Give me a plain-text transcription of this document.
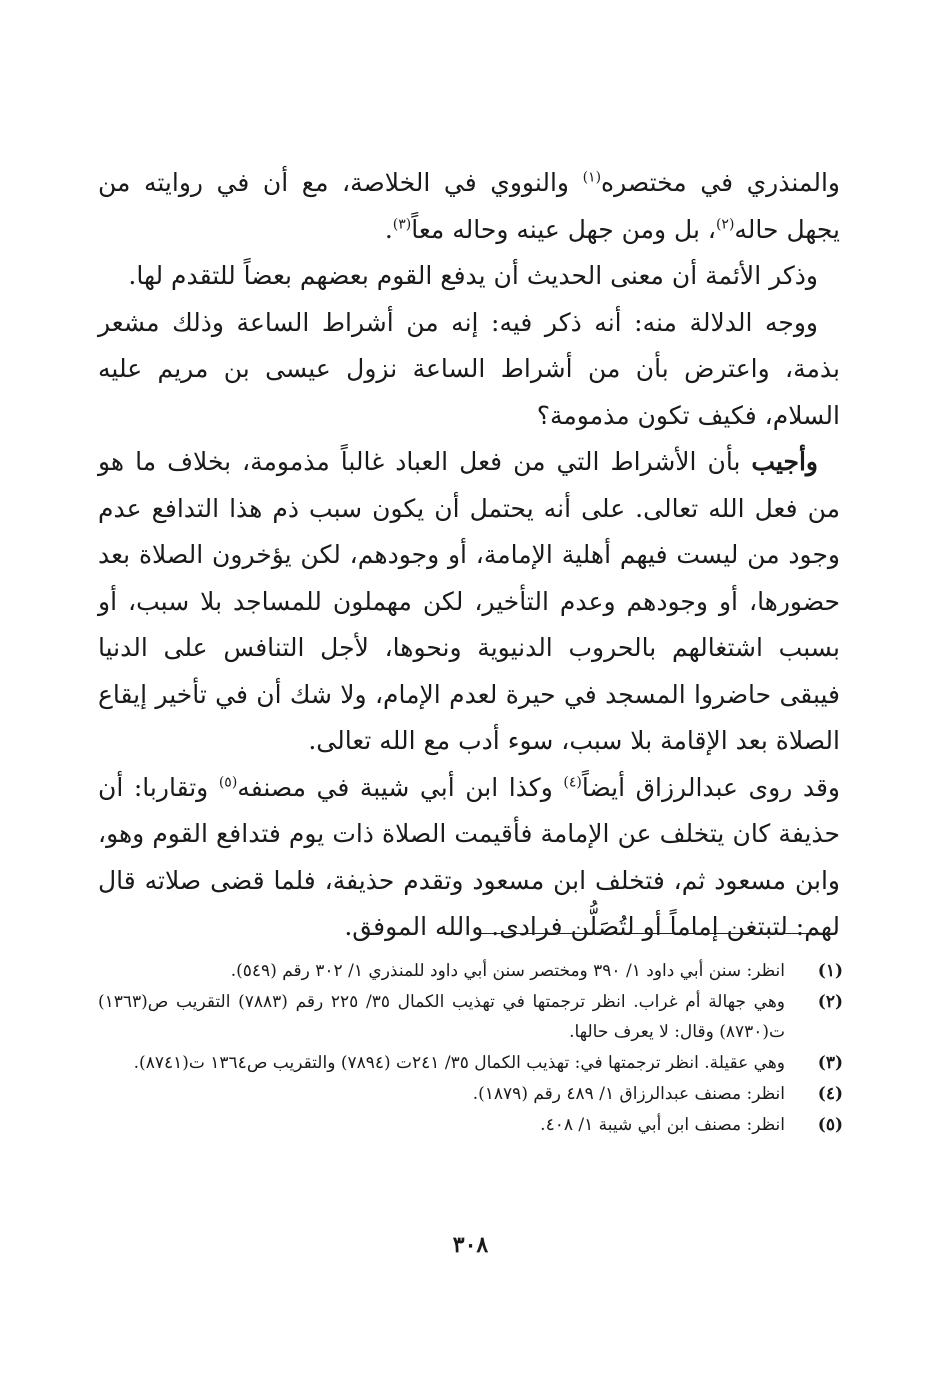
والمنذري في مختصره$^{(١)}$ والنووي في الخلاصة، مع أن في روايته من يجهل حاله$^{(٢)}$، بل ومن جهل عينه وحاله معاً$^{(٣)}$.

وذكر الأئمة أن معنى الحديث أن يدفع القوم بعضهم بعضاً للتقدم لها.

ووجه الدلالة منه: أنه ذكر فيه: إنه من أشراط الساعة وذلك مشعر بذمة، واعترض بأن من أشراط الساعة نزول عيسى بن مريم عليه السلام، فكيف تكون مذمومة؟

وأجيب بأن الأشراط التي من فعل العباد غالباً مذمومة، بخلاف ما هو من فعل الله تعالى. على أنه يحتمل أن يكون سبب ذم هذا التدافع عدم وجود من ليست فيهم أهلية الإمامة، أو وجودهم، لكن يؤخرون الصلاة بعد حضورها، أو وجودهم وعدم التأخير، لكن مهملون للمساجد بلا سبب، أو بسبب اشتغالهم بالحروب الدنيوية ونحوها، لأجل التنافس على الدنيا فيبقى حاضروا المسجد في حيرة لعدم الإمام، ولا شك أن في تأخير إيقاع الصلاة بعد الإقامة بلا سبب، سوء أدب مع الله تعالى.

وقد روى عبدالرزاق أيضاً$^{(٤)}$ وكذا ابن أبي شيبة في مصنفه$^{(٥)}$ وتقاربا: أن حذيفة كان يتخلف عن الإمامة فأقيمت الصلاة ذات يوم فتدافع القوم وهو، وابن مسعود ثم، فتخلف ابن مسعود وتقدم حذيفة، فلما قضى صلاته قال لهم: لتبتغن إماماً أو لتُصَلُّن فرادى. والله الموفق.

(١)
انظر: سنن أبي داود ١/ ٣٩٠ ومختصر سنن أبي داود للمنذري ١/ ٣٠٢ رقم (٥٤٩).
(٢)
وهي جهالة أم غراب. انظر ترجمتها في تهذيب الكمال ٣٥/ ٢٢٥ رقم (٧٨٨٣) التقريب ص(١٣٦٣) ت(٨٧٣٠) وقال: لا يعرف حالها.
(٣)
وهي عقيلة. انظر ترجمتها في: تهذيب الكمال ٣٥/ ٢٤١ت (٧٨٩٤) والتقريب ص١٣٦٤ ت(٨٧٤١).
(٤)
انظر: مصنف عبدالرزاق ١/ ٤٨٩ رقم (١٨٧٩).
(٥)
انظر: مصنف ابن أبي شيبة ١/ ٤٠٨.
٣٠٨
